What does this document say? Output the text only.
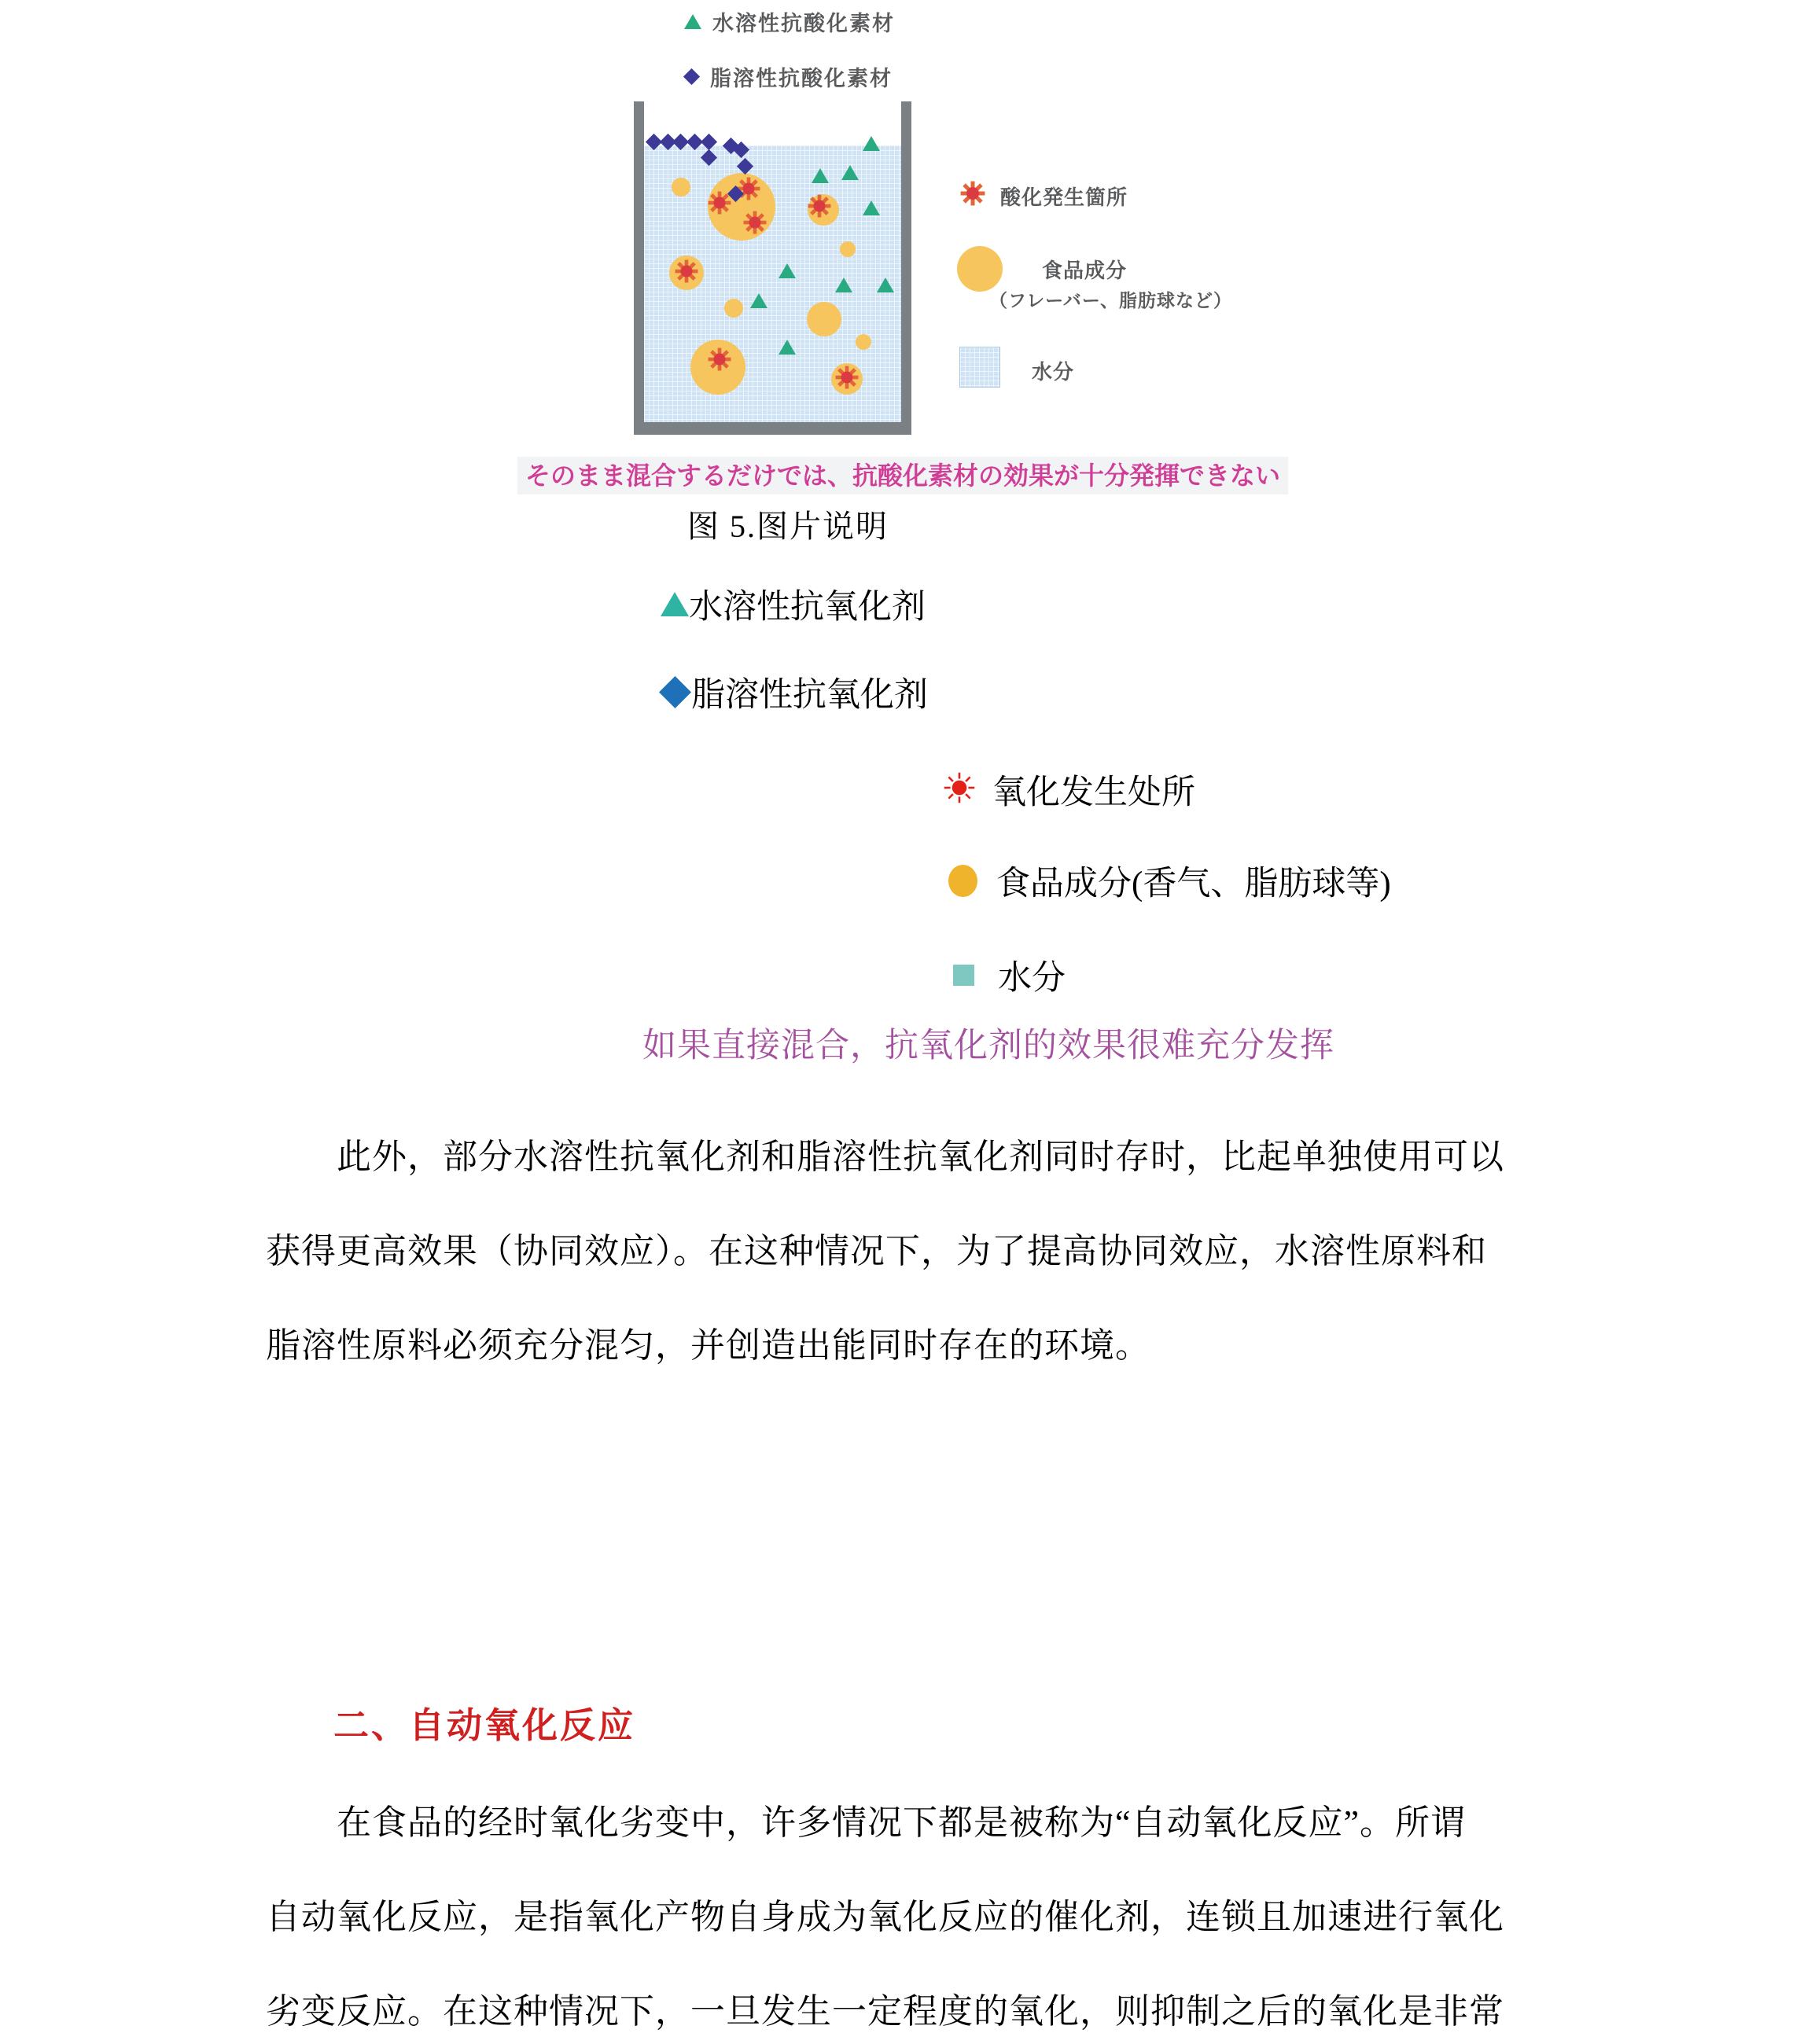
水溶性抗酸化素材
脂溶性抗酸化素材
酸化発生箇所
食品成分
（フレーバー、脂肪球など）
水分
そのまま混合するだけでは、抗酸化素材の効果が十分発揮できない
图 5.图片说明
水溶性抗氧化剂
脂溶性抗氧化剂
氧化发生处所
食品成分(香气、脂肪球等)
水分
如果直接混合，抗氧化剂的效果很难充分发挥
此外，部分水溶性抗氧化剂和脂溶性抗氧化剂同时存时，比起单独使用可以
获得更高效果（协同效应）。在这种情况下，为了提高协同效应，水溶性原料和
脂溶性原料必须充分混匀，并创造出能同时存在的环境。
二、自动氧化反应
在食品的经时氧化劣变中，许多情况下都是被称为“自动氧化反应”。所谓
自动氧化反应，是指氧化产物自身成为氧化反应的催化剂，连锁且加速进行氧化
劣变反应。在这种情况下，一旦发生一定程度的氧化，则抑制之后的氧化是非常
